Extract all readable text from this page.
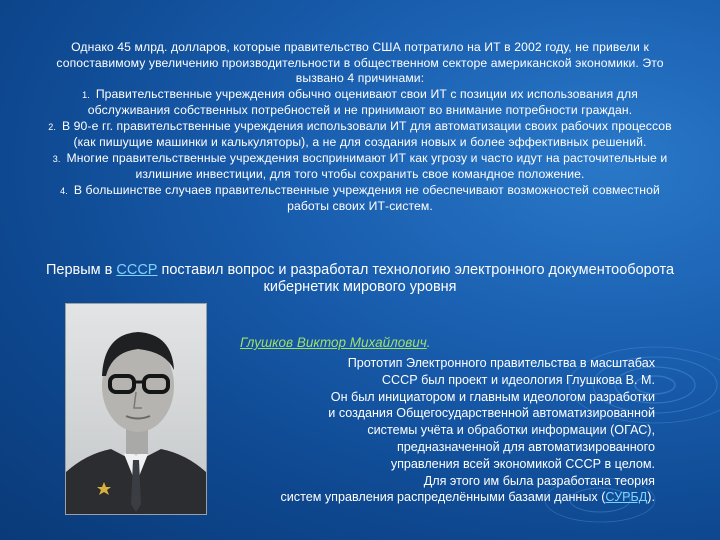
Однако 45 млрд. долларов, которые правительство США потратило на ИТ в 2002 году, не привели к сопоставимому увеличению производительности в общественном секторе американской экономики. Это вызвано 4 причинами:
1. Правительственные учреждения обычно оценивают свои ИТ с позиции их использования для обслуживания собственных потребностей и не принимают во внимание потребности граждан.
2. В 90-е гг. правительственные учреждения использовали ИТ для автоматизации своих рабочих процессов (как пишущие машинки и калькуляторы), а не для создания новых и более эффективных решений.
3. Многие правительственные учреждения воспринимают ИТ как угрозу и часто идут на расточительные и излишние инвестиции, для того чтобы сохранить свое командное положение.
4. В большинстве случаев правительственные учреждения не обеспечивают возможностей совместной работы своих ИТ-систем.
Первым в СССР поставил вопрос и разработал технологию электронного документооборота кибернетик мирового уровня
Глушков Виктор Михайлович.
Прототип Электронного правительства в масштабах
СССР был проект и идеология Глушкова В. М.
Он был инициатором и главным идеологом разработки
и создания Общегосударственной автоматизированной
системы учёта и обработки информации (ОГАС),
предназначенной для автоматизированного
управления всей экономикой СССР в целом.
Для этого им была разработана теория
систем управления распределёнными базами данных (СУРБД).
